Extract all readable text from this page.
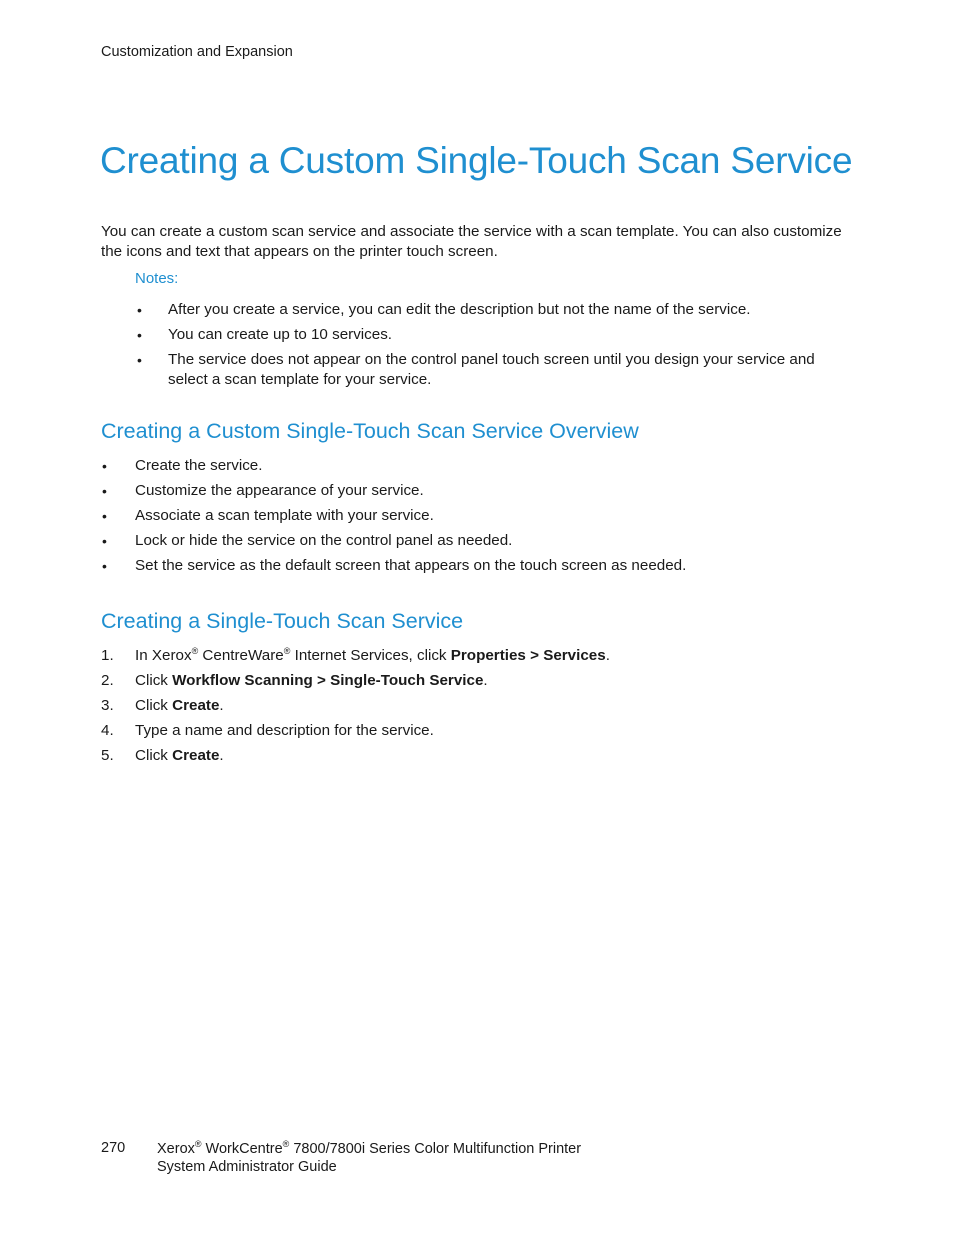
Customization and Expansion
Creating a Custom Single-Touch Scan Service

You can create a custom scan service and associate the service with a scan template. You can also customize the icons and text that appears on the printer touch screen.

Notes:
• After you create a service, you can edit the description but not the name of the service.
• You can create up to 10 services.
• The service does not appear on the control panel touch screen until you design your service and select a scan template for your service.
Creating a Custom Single-Touch Scan Service Overview
• Create the service.
• Customize the appearance of your service.
• Associate a scan template with your service.
• Lock or hide the service on the control panel as needed.
• Set the service as the default screen that appears on the touch screen as needed.
Creating a Single-Touch Scan Service
1. In Xerox® CentreWare® Internet Services, click Properties > Services.
2. Click Workflow Scanning > Single-Touch Service.
3. Click Create.
4. Type a name and description for the service.
5. Click Create.
270 Xerox® WorkCentre® 7800/7800i Series Color Multifunction Printer
System Administrator Guide
